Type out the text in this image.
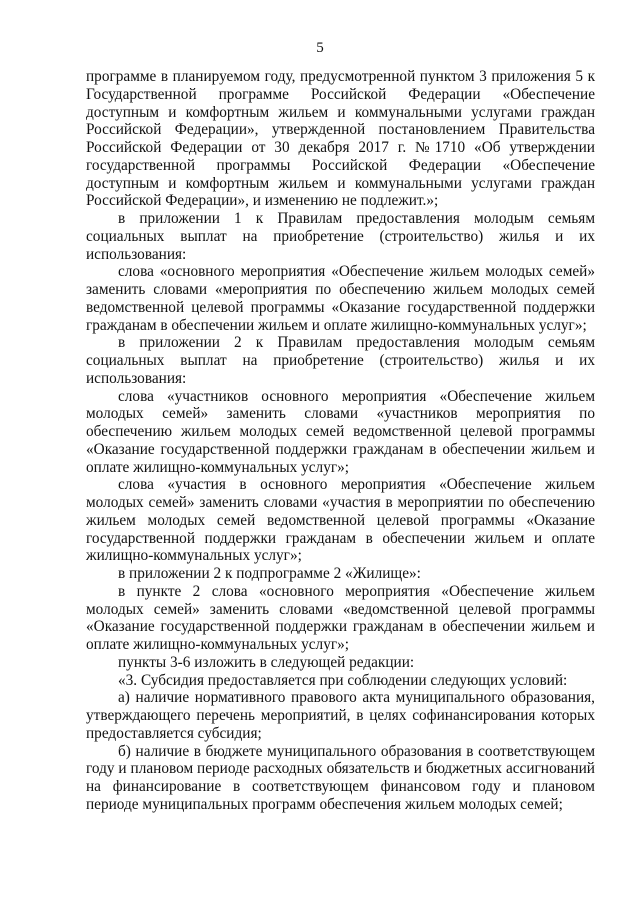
5

программе в планируемом году, предусмотренной пунктом 3 приложения 5 к Государственной программе Российской Федерации «Обеспечение доступным и комфортным жильем и коммунальными услугами граждан Российской Федерации», утвержденной постановлением Правительства Российской Федерации от 30 декабря 2017 г. №1710 «Об утверждении государственной программы Российской Федерации «Обеспечение доступным и комфортным жильем и коммунальными услугами граждан Российской Федерации», и изменению не подлежит.»;

в приложении 1 к Правилам предоставления молодым семьям социальных выплат на приобретение (строительство) жилья и их использования:

слова «основного мероприятия «Обеспечение жильем молодых семей» заменить словами «мероприятия по обеспечению жильем молодых семей ведомственной целевой программы «Оказание государственной поддержки гражданам в обеспечении жильем и оплате жилищно-коммунальных услуг»;

в приложении 2 к Правилам предоставления молодым семьям социальных выплат на приобретение (строительство) жилья и их использования:

слова «участников основного мероприятия «Обеспечение жильем молодых семей» заменить словами «участников мероприятия по обеспечению жильем молодых семей ведомственной целевой программы «Оказание государственной поддержки гражданам в обеспечении жильем и оплате жилищно-коммунальных услуг»;

слова «участия в основного мероприятия «Обеспечение жильем молодых семей» заменить словами «участия в мероприятии по обеспечению жильем молодых семей ведомственной целевой программы «Оказание государственной поддержки гражданам в обеспечении жильем и оплате жилищно-коммунальных услуг»;

в приложении 2 к подпрограмме 2 «Жилище»:

в пункте 2 слова «основного мероприятия «Обеспечение жильем молодых семей» заменить словами «ведомственной целевой программы «Оказание государственной поддержки гражданам в обеспечении жильем и оплате жилищно-коммунальных услуг»;

пункты 3-6 изложить в следующей редакции:

«3. Субсидия предоставляется при соблюдении следующих условий:

а) наличие нормативного правового акта муниципального образования, утверждающего перечень мероприятий, в целях софинансирования которых предоставляется субсидия;

б) наличие в бюджете муниципального образования в соответствующем году и плановом периоде расходных обязательств и бюджетных ассигнований на финансирование в соответствующем финансовом году и плановом периоде муниципальных программ обеспечения жильем молодых семей;
